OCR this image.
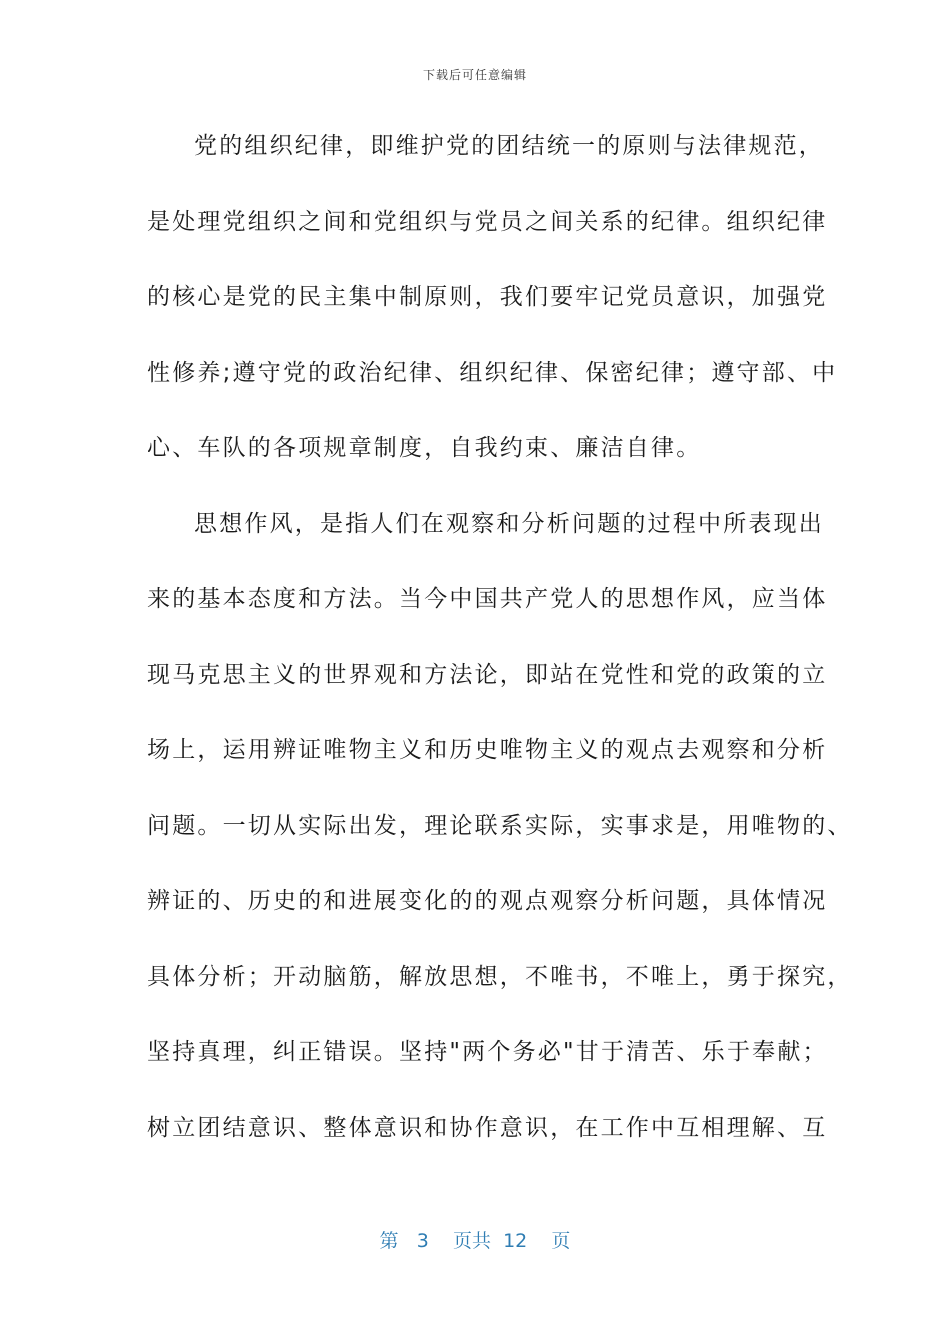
下载后可任意编辑
党的组织纪律，即维护党的团结统一的原则与法律规范，
是处理党组织之间和党组织与党员之间关系的纪律。组织纪律
的核心是党的民主集中制原则，我们要牢记党员意识，加强党
性修养;遵守党的政治纪律、组织纪律、保密纪律；遵守部、中
心、车队的各项规章制度，自我约束、廉洁自律。
思想作风，是指人们在观察和分析问题的过程中所表现出
来的基本态度和方法。当今中国共产党人的思想作风，应当体
现马克思主义的世界观和方法论，即站在党性和党的政策的立
场上，运用辨证唯物主义和历史唯物主义的观点去观察和分析
问题。一切从实际出发，理论联系实际，实事求是，用唯物的、
辨证的、历史的和进展变化的的观点观察分析问题，具体情况
具体分析；开动脑筋，解放思想，不唯书，不唯上，勇于探究，
坚持真理，纠正错误。坚持"两个务必"甘于清苦、乐于奉献；
树立团结意识、整体意识和协作意识，在工作中互相理解、互
第 3 页共 12 页
